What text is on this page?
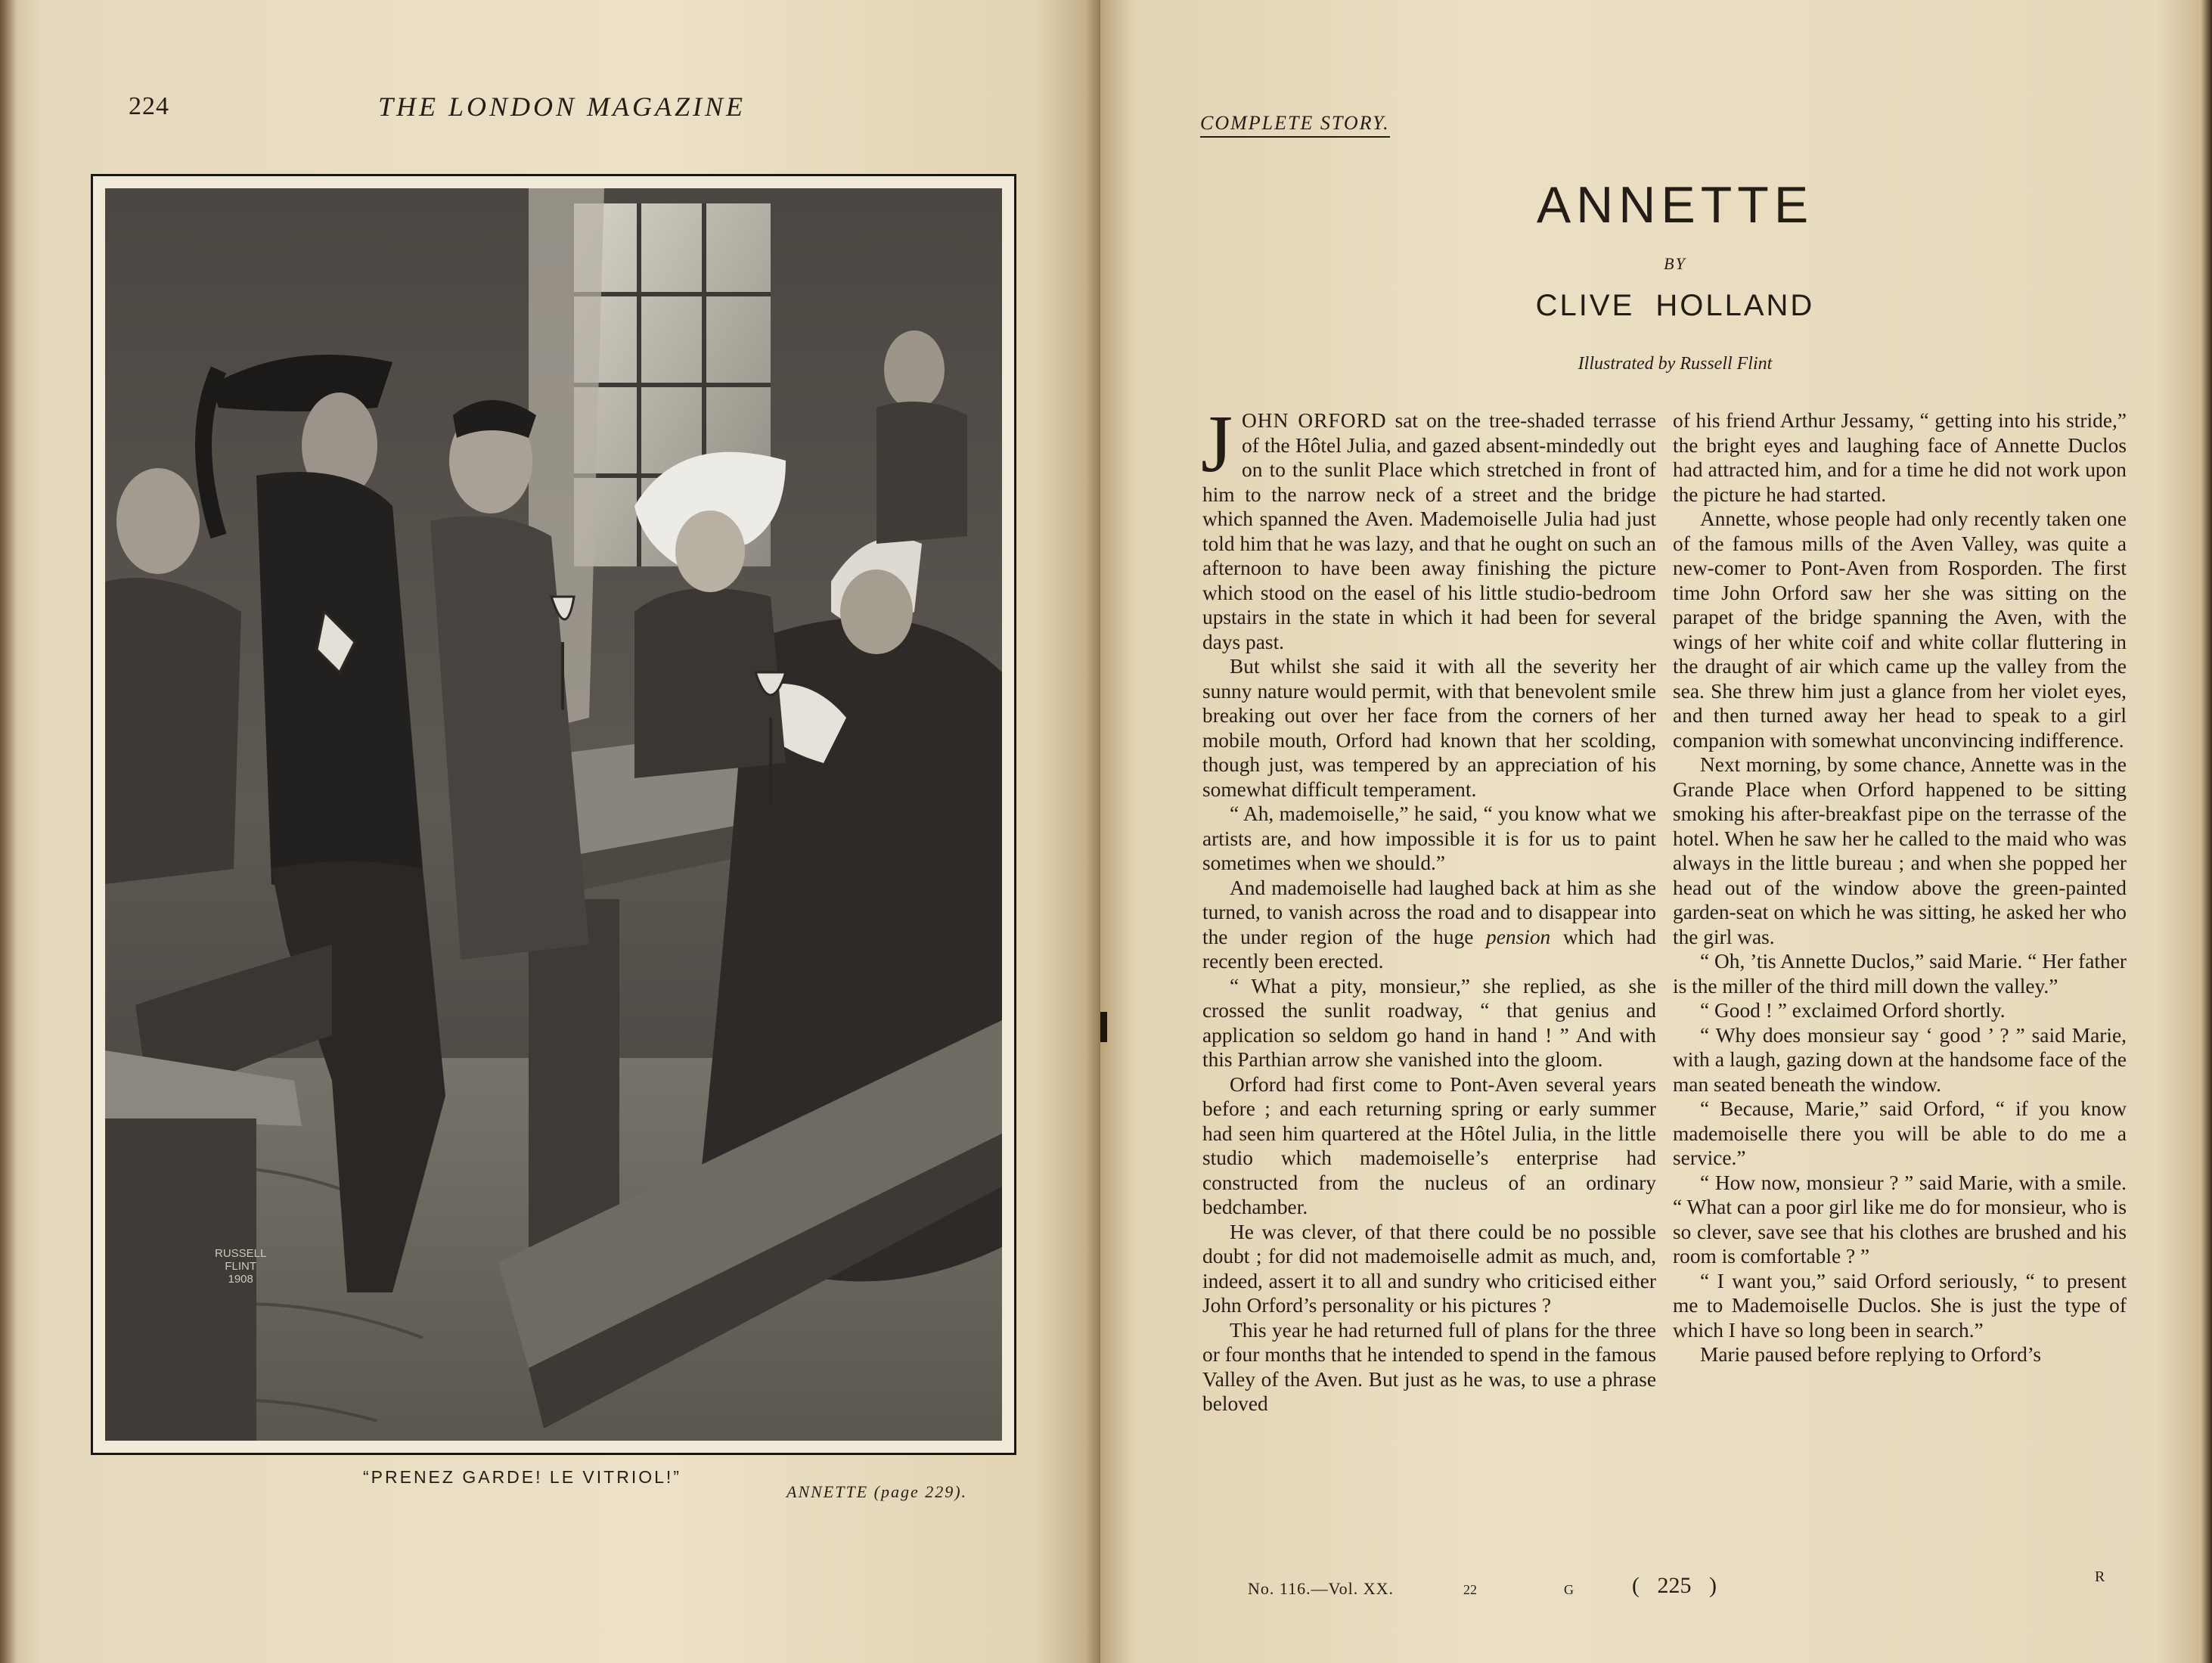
224	THE LONDON MAGAZINE
RUSSELL
FLINT
1908
“PRENEZ GARDE! LE VITRIOL!”
ANNETTE (page 229).
COMPLETE STORY.
ANNETTE
BY
CLIVE HOLLAND
Illustrated by Russell Flint

JOHN ORFORD sat on the tree-shaded terrasse of the Hôtel Julia, and gazed absent-mindedly out on to the sunlit Place which stretched in front of him to the narrow neck of a street and the bridge which spanned the Aven. Mademoiselle Julia had just told him that he was lazy, and that he ought on such an afternoon to have been away finishing the picture which stood on the easel of his little studio-bedroom upstairs in the state in which it had been for several days past.

But whilst she said it with all the severity her sunny nature would permit, with that benevolent smile breaking out over her face from the corners of her mobile mouth, Orford had known that her scolding, though just, was tempered by an appreciation of his somewhat difficult temperament.

“ Ah, mademoiselle,” he said, “ you know what we artists are, and how impossible it is for us to paint sometimes when we should.”

And mademoiselle had laughed back at him as she turned, to vanish across the road and to disappear into the under region of the huge pension which had recently been erected.

“ What a pity, monsieur,” she replied, as she crossed the sunlit roadway, “ that genius and application so seldom go hand in hand ! ” And with this Parthian arrow she vanished into the gloom.

Orford had first come to Pont-Aven several years before ; and each returning spring or early summer had seen him quartered at the Hôtel Julia, in the little studio which mademoiselle’s enterprise had constructed from the nucleus of an ordinary bedchamber.

He was clever, of that there could be no possible doubt ; for did not mademoiselle admit as much, and, indeed, assert it to all and sundry who criticised either John Orford’s personality or his pictures ?

This year he had returned full of plans for the three or four months that he intended to spend in the famous Valley of the Aven. But just as he was, to use a phrase beloved

of his friend Arthur Jessamy, “ getting into his stride,” the bright eyes and laughing face of Annette Duclos had attracted him, and for a time he did not work upon the picture he had started.

Annette, whose people had only recently taken one of the famous mills of the Aven Valley, was quite a new-comer to Pont-Aven from Rosporden. The first time John Orford saw her she was sitting on the parapet of the bridge spanning the Aven, with the wings of her white coif and white collar fluttering in the draught of air which came up the valley from the sea. She threw him just a glance from her violet eyes, and then turned away her head to speak to a girl companion with somewhat unconvincing indifference.

Next morning, by some chance, Annette was in the Grande Place when Orford happened to be sitting smoking his after-breakfast pipe on the terrasse of the hotel. When he saw her he called to the maid who was always in the little bureau ; and when she popped her head out of the window above the green-painted garden-seat on which he was sitting, he asked her who the girl was.

“ Oh, ’tis Annette Duclos,” said Marie. “ Her father is the miller of the third mill down the valley.”

“ Good ! ” exclaimed Orford shortly.

“ Why does monsieur say ‘ good ’ ? ” said Marie, with a laugh, gazing down at the handsome face of the man seated beneath the window.

“ Because, Marie,” said Orford, “ if you know mademoiselle there you will be able to do me a service.”

“ How now, monsieur ? ” said Marie, with a smile. “ What can a poor girl like me do for monsieur, who is so clever, save see that his clothes are brushed and his room is comfortable ? ”

“ I want you,” said Orford seriously, “ to present me to Mademoiselle Duclos. She is just the type of which I have so long been in search.”

Marie paused before replying to Orford’s

No. 116.—Vol. XX.	22	G	( 225 )	R
